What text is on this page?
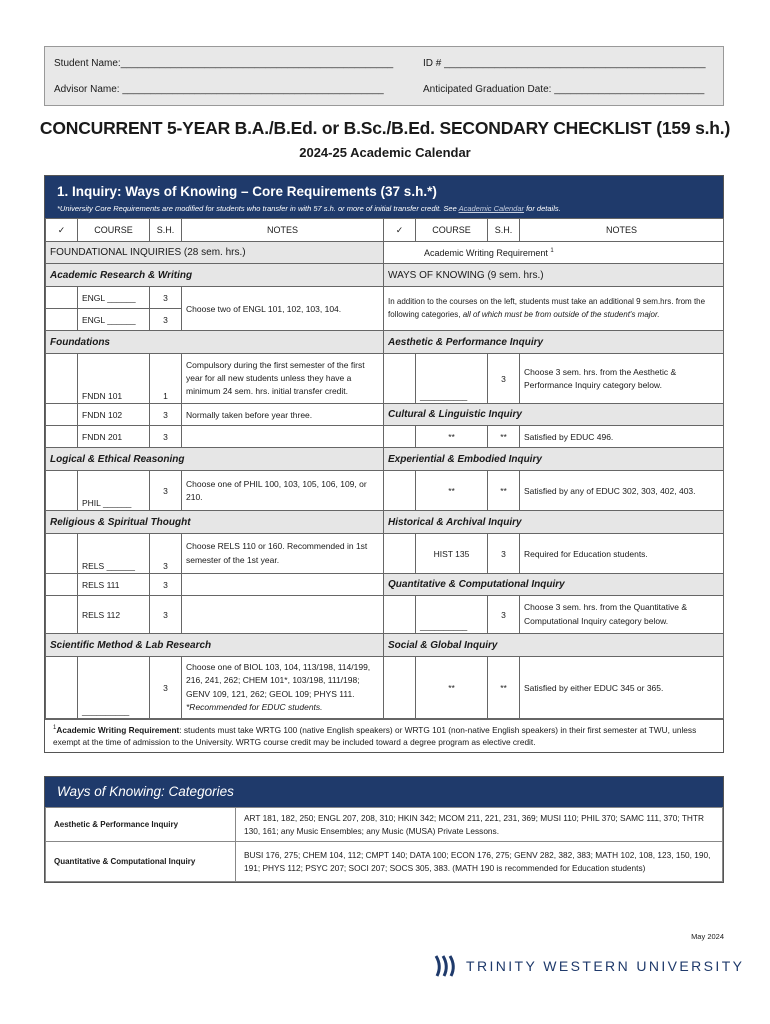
Student Name:_________________________________________________	ID # _______________________________________________
Advisor Name: _______________________________________________	Anticipated Graduation Date: ___________________________
CONCURRENT 5-YEAR B.A./B.Ed. or B.Sc./B.Ed. SECONDARY CHECKLIST (159 s.h.)
2024-25 Academic Calendar
1. Inquiry: Ways of Knowing – Core Requirements (37 s.h.*)
*University Core Requirements are modified for students who transfer in with 57 s.h. or more of initial transfer credit. See Academic Calendar for details.
✓	COURSE	S.H.	NOTES	✓	COURSE	S.H.	NOTES
FOUNDATIONAL INQUIRIES (28 sem. hrs.)				Academic Writing Requirement $^1$
Academic Research & Writing				WAYS OF KNOWING (9 sem. hrs.)			
	ENGL ______	3	Choose two of ENGL 101, 102, 103, 104.	In addition to the courses on the left, students must take an additional 9 sem.hrs. from the following categories, all of which must be from outside of the student's major.			
	ENGL ______	3					
Foundations				Aesthetic & Performance Inquiry			
	FNDN 101	1	Compulsory during the first semester of the first year for all new students unless they have a minimum 24 sem. hrs. initial transfer credit.		__________	3	Choose 3 sem. hrs. from the Aesthetic & Performance Inquiry category below.
	FNDN 102	3	Normally taken before year three.	Cultural & Linguistic Inquiry			
	FNDN 201	3			**	**	Satisfied by EDUC 496.
Logical & Ethical Reasoning				Experiential & Embodied Inquiry			
	PHIL ______	3	Choose one of PHIL 100, 103, 105, 106, 109, or 210.		**	**	Satisfied by any of EDUC 302, 303, 402, 403.
Religious & Spiritual Thought				Historical & Archival Inquiry			
	RELS ______	3	Choose RELS 110 or 160. Recommended in 1st semester of the 1st year.		HIST 135	3	Required for Education students.
	RELS 111	3		Quantitative & Computational Inquiry			
	RELS 112	3			__________	3	Choose 3 sem. hrs. from the Quantitative & Computational Inquiry category below.
Scientific Method & Lab Research				Social & Global Inquiry			
	__________	3	Choose one of BIOL 103, 104, 113/198, 114/199, 216, 241, 262; CHEM 101*, 103/198, 111/198; GENV 109, 121, 262; GEOL 109; PHYS 111. *Recommended for EDUC students.		**	**	Satisfied by either EDUC 345 or 365.
$^1$Academic Writing Requirement: students must take WRTG 100 (native English speakers) or WRTG 101 (non-native English speakers) in their first semester at TWU, unless exempt at the time of admission to the University. WRTG course credit may be included toward a degree program as elective credit.
Ways of Knowing: Categories
Aesthetic & Performance Inquiry	ART 181, 182, 250; ENGL 207, 208, 310; HKIN 342; MCOM 211, 221, 231, 369; MUSI 110; PHIL 370; SAMC 111, 370; THTR 130, 161; any Music Ensembles; any Music (MUSA) Private Lessons.
Quantitative & Computational Inquiry	BUSI 176, 275; CHEM 104, 112; CMPT 140; DATA 100; ECON 176, 275; GENV 282, 382, 383; MATH 102, 108, 123, 150, 190, 191; PHYS 112; PSYC 207; SOCI 207; SOCS 305, 383. (MATH 190 is recommended for Education students)
May 2024
TRINITY WESTERN UNIVERSITY
